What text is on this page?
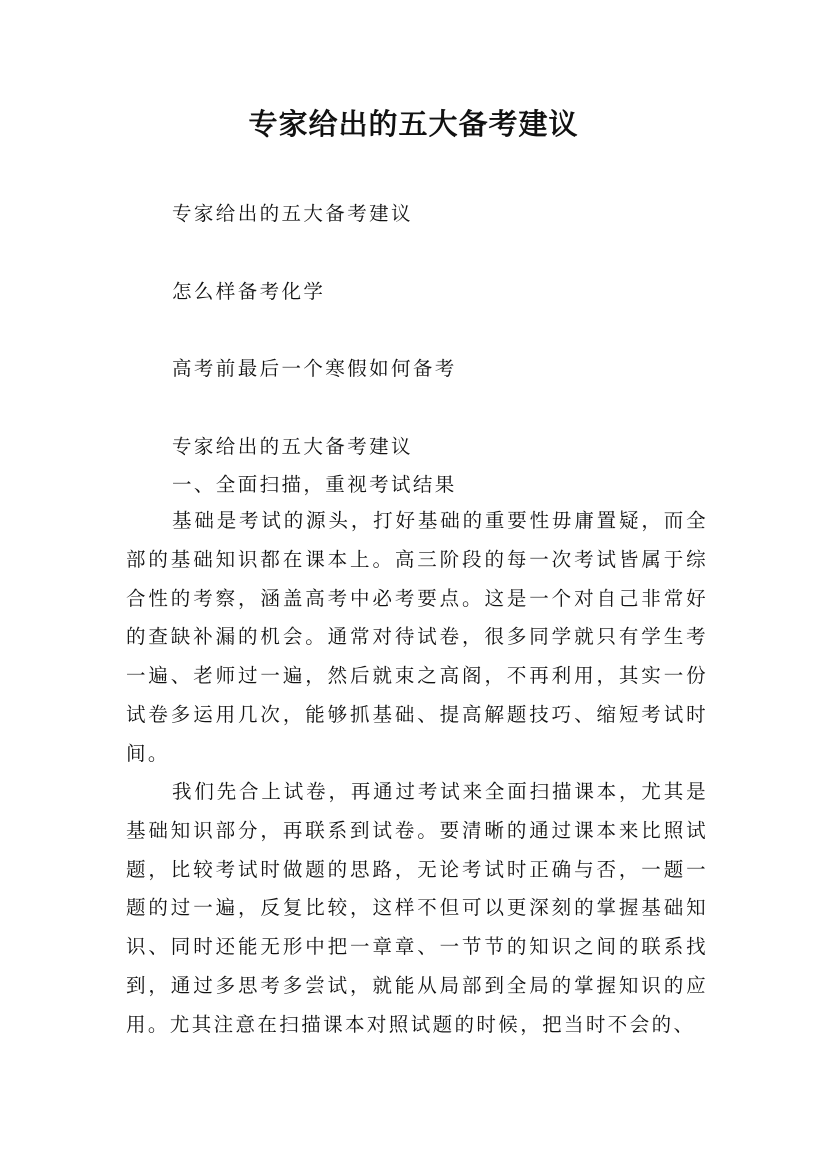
专家给出的五大备考建议

专家给出的五大备考建议

怎么样备考化学

高考前最后一个寒假如何备考

专家给出的五大备考建议

一、全面扫描，重视考试结果

基础是考试的源头，打好基础的重要性毋庸置疑，而全部的基础知识都在课本上。高三阶段的每一次考试皆属于综合性的考察，涵盖高考中必考要点。这是一个对自己非常好的查缺补漏的机会。通常对待试卷，很多同学就只有学生考一遍、老师过一遍，然后就束之高阁，不再利用，其实一份试卷多运用几次，能够抓基础、提高解题技巧、缩短考试时间。

我们先合上试卷，再通过考试来全面扫描课本，尤其是基础知识部分，再联系到试卷。要清晰的通过课本来比照试题，比较考试时做题的思路，无论考试时正确与否，一题一题的过一遍，反复比较，这样不但可以更深刻的掌握基础知识、同时还能无形中把一章章、一节节的知识之间的联系找到，通过多思考多尝试，就能从局部到全局的掌握知识的应用。尤其注意在扫描课本对照试题的时候，把当时不会的、
